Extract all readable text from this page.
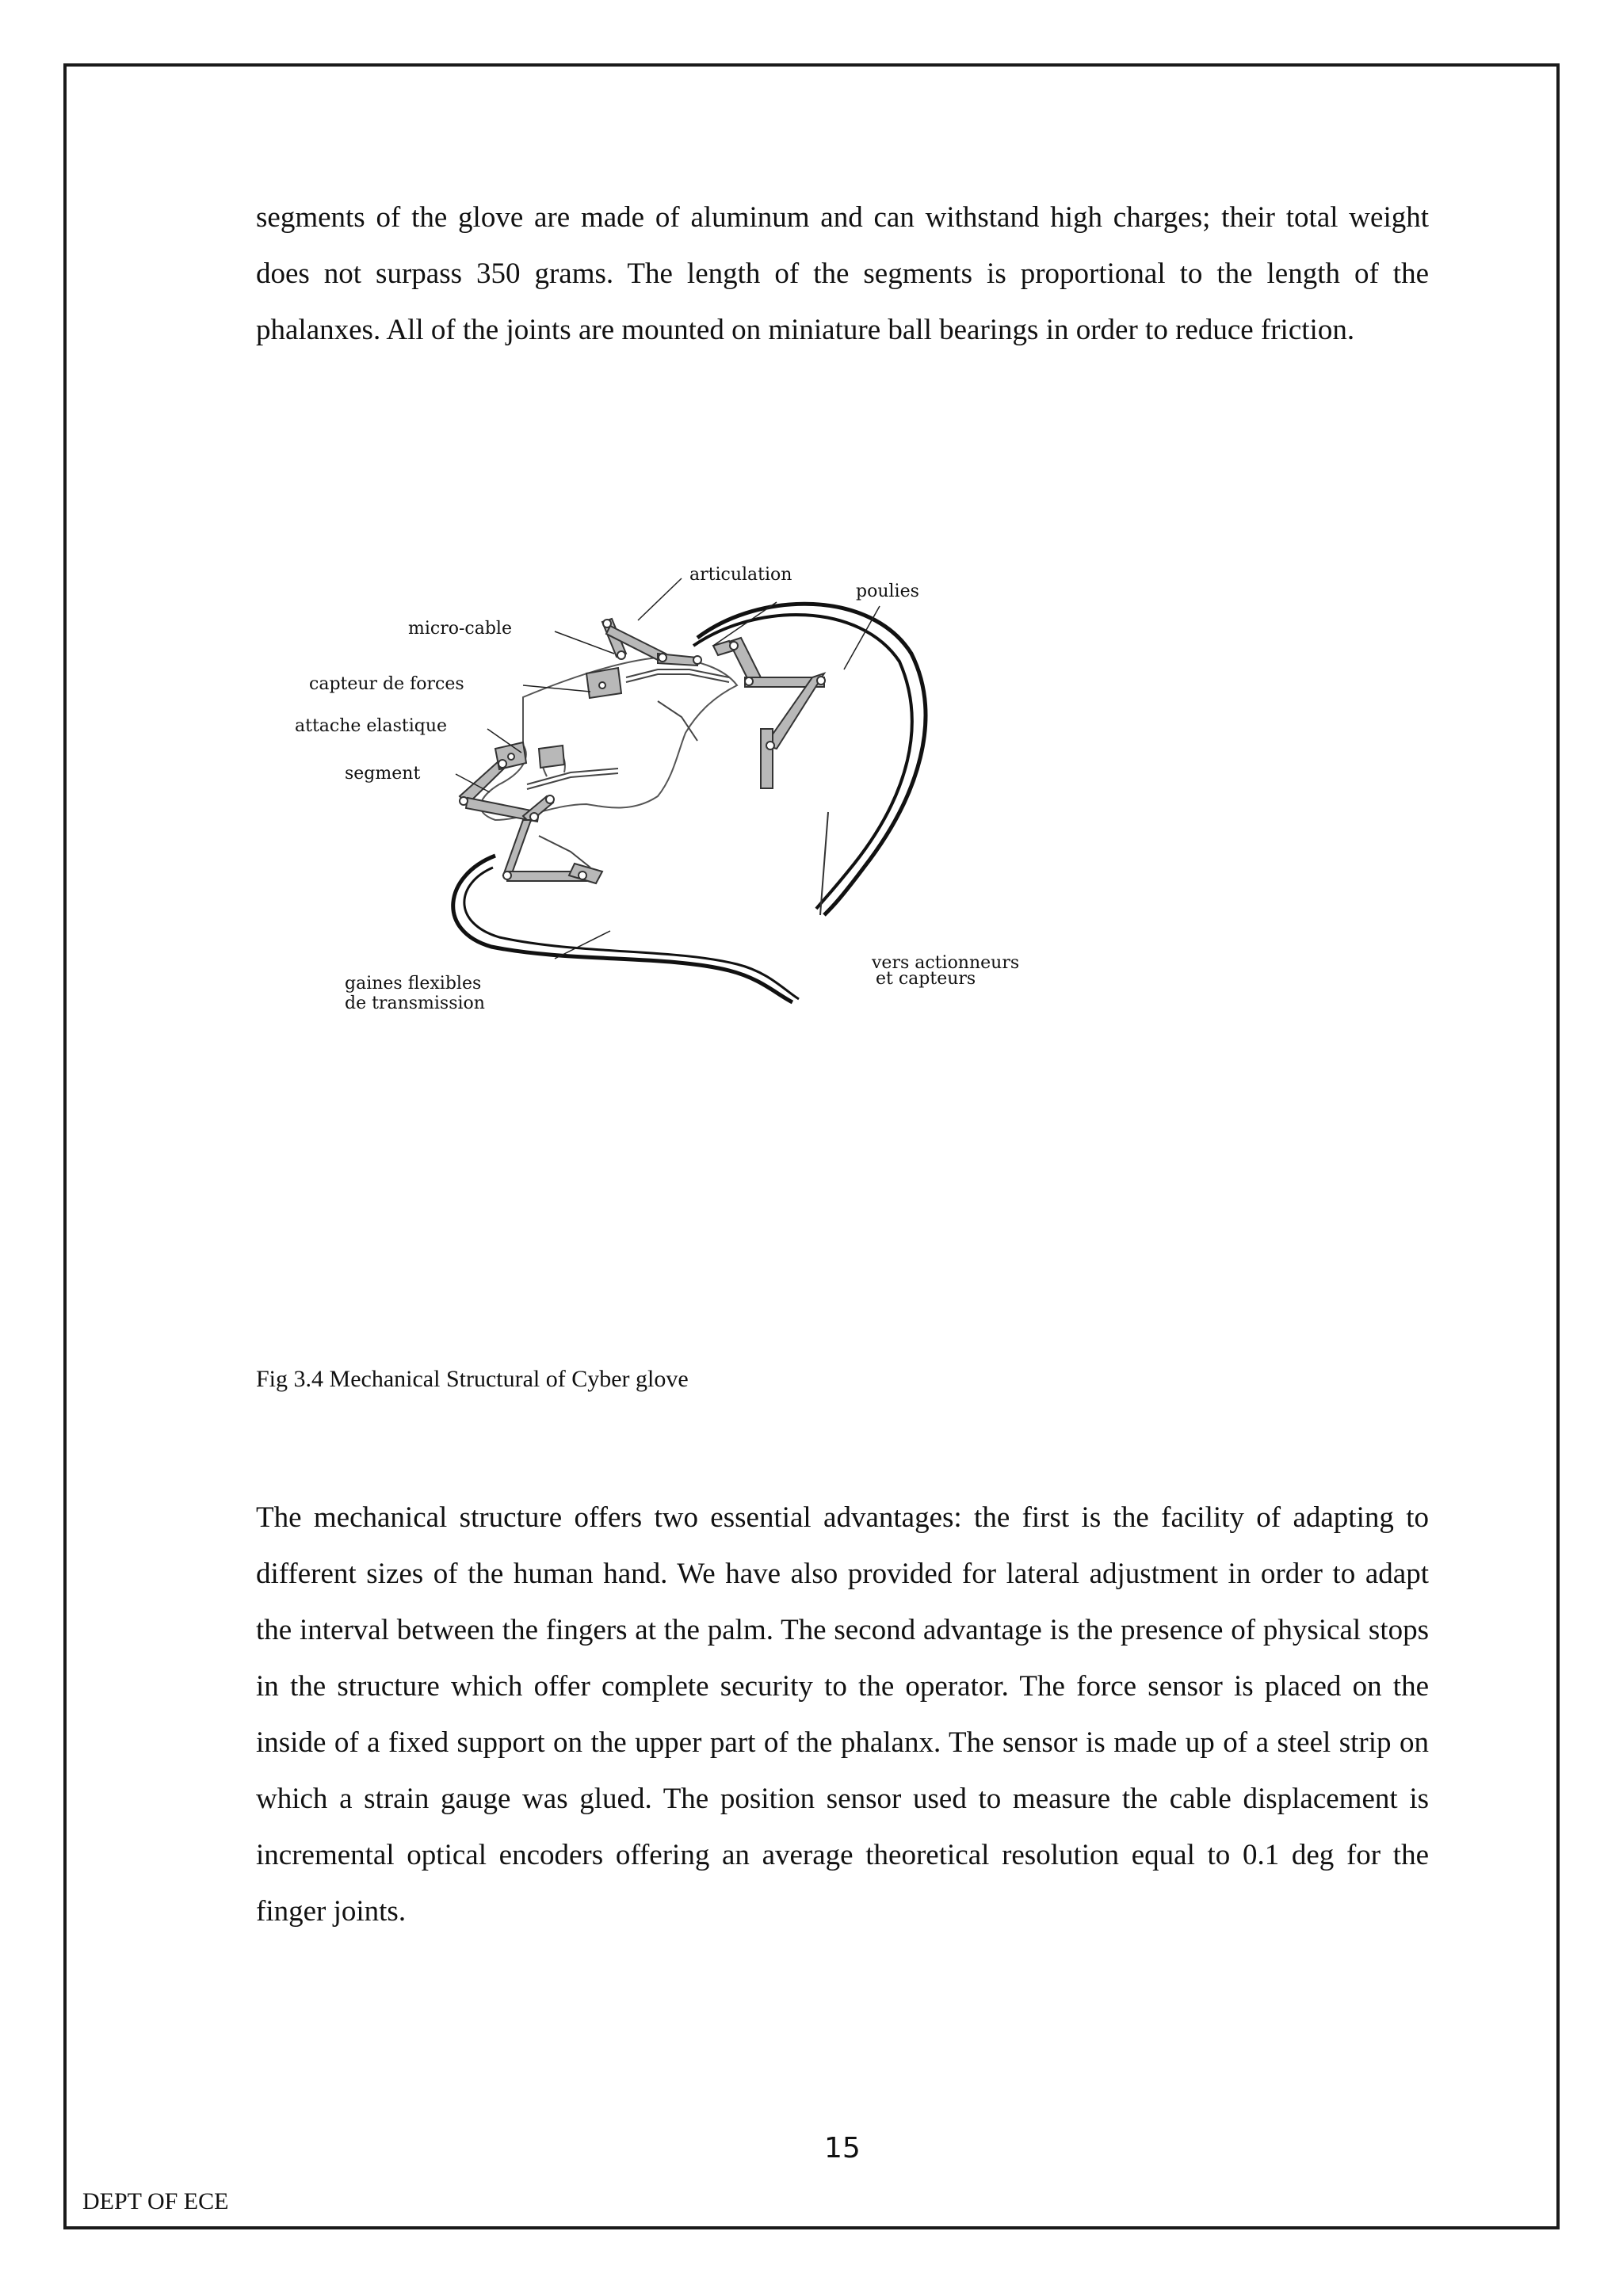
segments of the glove are made of aluminum and can withstand high charges; their total weight does not surpass 350 grams. The length of the segments is proportional to the length of the phalanxes. All of the joints are mounted on miniature ball bearings in order to reduce friction.

articulation
poulies
micro-cable
capteur de forces
attache elastique
segment
gaines flexibles
de transmission
vers actionneurs
et capteurs

Fig 3.4 Mechanical Structural of Cyber glove

The mechanical structure offers two essential advantages: the first is the facility of adapting to different sizes of the human hand. We have also provided for lateral adjustment in order to adapt the interval between the fingers at the palm. The second advantage is the presence of physical stops in the structure which offer complete security to the operator. The force sensor is placed on the inside of a fixed support on the upper part of the phalanx. The sensor is made up of a steel strip on which a strain gauge was glued. The position sensor used to measure the cable displacement is incremental optical encoders offering an average theoretical resolution equal to 0.1 deg for the finger joints.

15

DEPT OF ECE
